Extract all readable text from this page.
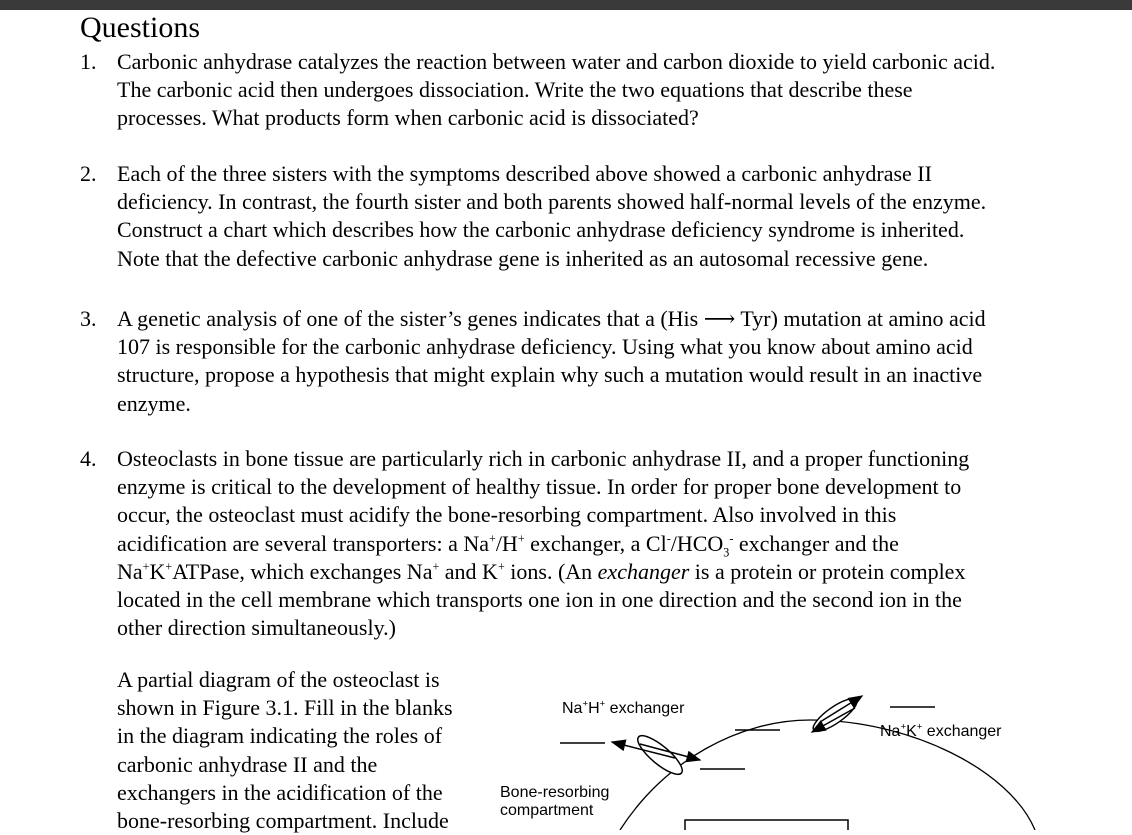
Questions
1. Carbonic anhydrase catalyzes the reaction between water and carbon dioxide to yield carbonic acid.
The carbonic acid then undergoes dissociation. Write the two equations that describe these
processes. What products form when carbonic acid is dissociated?
2. Each of the three sisters with the symptoms described above showed a carbonic anhydrase II
deficiency. In contrast, the fourth sister and both parents showed half-normal levels of the enzyme.
Construct a chart which describes how the carbonic anhydrase deficiency syndrome is inherited.
Note that the defective carbonic anhydrase gene is inherited as an autosomal recessive gene.
3. A genetic analysis of one of the sister’s genes indicates that a (His ⟶ Tyr) mutation at amino acid
107 is responsible for the carbonic anhydrase deficiency. Using what you know about amino acid
structure, propose a hypothesis that might explain why such a mutation would result in an inactive
enzyme.
4. Osteoclasts in bone tissue are particularly rich in carbonic anhydrase II, and a proper functioning
enzyme is critical to the development of healthy tissue. In order for proper bone development to
occur, the osteoclast must acidify the bone-resorbing compartment. Also involved in this
acidification are several transporters: a Na+/H+ exchanger, a $Cl^-/HCO_3^-$ exchanger and the
Na+K+ATPase, which exchanges Na+ and K+ ions. (An exchanger is a protein or protein complex
located in the cell membrane which transports one ion in one direction and the second ion in the
other direction simultaneously.)
A partial diagram of the osteoclast is
shown in Figure 3.1. Fill in the blanks
in the diagram indicating the roles of
carbonic anhydrase II and the
exchangers in the acidification of the
bone-resorbing compartment. Include
Na+H+ exchanger
Na+K+ exchanger
Bone-resorbing
compartment
